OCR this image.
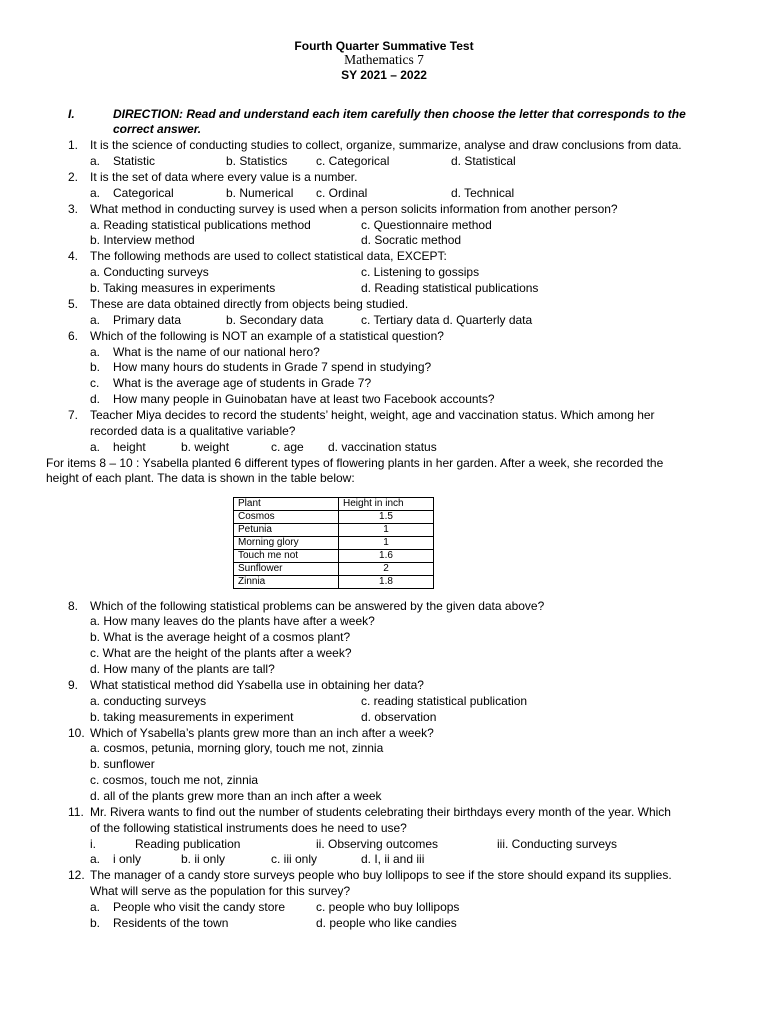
Fourth Quarter Summative Test
Mathematics 7
SY 2021 – 2022
I.	DIRECTION: Read and understand each item carefully then choose the letter that corresponds to the
correct answer.
1. It is the science of conducting studies to collect, organize, summarize, analyse and draw conclusions from data.
a. Statistic	b. Statistics c. Categorical	d. Statistical
2. It is the set of data where every value is a number.
a. Categorical	b. Numerical c. Ordinal	d. Technical
3. What method in conducting survey is used when a person solicits information from another person?
a. Reading statistical publications method	c. Questionnaire method
b. Interview method	d. Socratic method
4. The following methods are used to collect statistical data, EXCEPT:
a. Conducting surveys	c. Listening to gossips
b. Taking measures in experiments	d. Reading statistical publications
5. These are data obtained directly from objects being studied.
a. Primary data	b. Secondary data	c. Tertiary data d. Quarterly data
6. Which of the following is NOT an example of a statistical question?
a. What is the name of our national hero?
b. How many hours do students in Grade 7 spend in studying?
c. What is the average age of students in Grade 7?
d. How many people in Guinobatan have at least two Facebook accounts?
7. Teacher Miya decides to record the students’ height, weight, age and vaccination status. Which among her
recorded data is a qualitative variable?
a. height	b. weight	c. age d. vaccination status
For items 8 – 10 : Ysabella planted 6 different types of flowering plants in her garden. After a week, she recorded the
height of each plant. The data is shown in the table below:
Plant	Height in inch
Cosmos	1.5
Petunia	1
Morning glory	1
Touch me not	1.6
Sunflower	2
Zinnia	1.8
8. Which of the following statistical problems can be answered by the given data above?
a. How many leaves do the plants have after a week?
b. What is the average height of a cosmos plant?
c. What are the height of the plants after a week?
d. How many of the plants are tall?
9. What statistical method did Ysabella use in obtaining her data?
a. conducting surveys	c. reading statistical publication
b. taking measurements in experiment	d. observation
10. Which of Ysabella’s plants grew more than an inch after a week?
a. cosmos, petunia, morning glory, touch me not, zinnia
b. sunflower
c. cosmos, touch me not, zinnia
d. all of the plants grew more than an inch after a week
11. Mr. Rivera wants to find out the number of students celebrating their birthdays every month of the year. Which
of the following statistical instruments does he need to use?
i.	Reading publication	ii. Observing outcomes	iii. Conducting surveys
a. i only	b. ii only	c. iii only	d. I, ii and iii
12. The manager of a candy store surveys people who buy lollipops to see if the store should expand its supplies.
What will serve as the population for this survey?
a. People who visit the candy store	c. people who buy lollipops
b. Residents of the town	d. people who like candies
